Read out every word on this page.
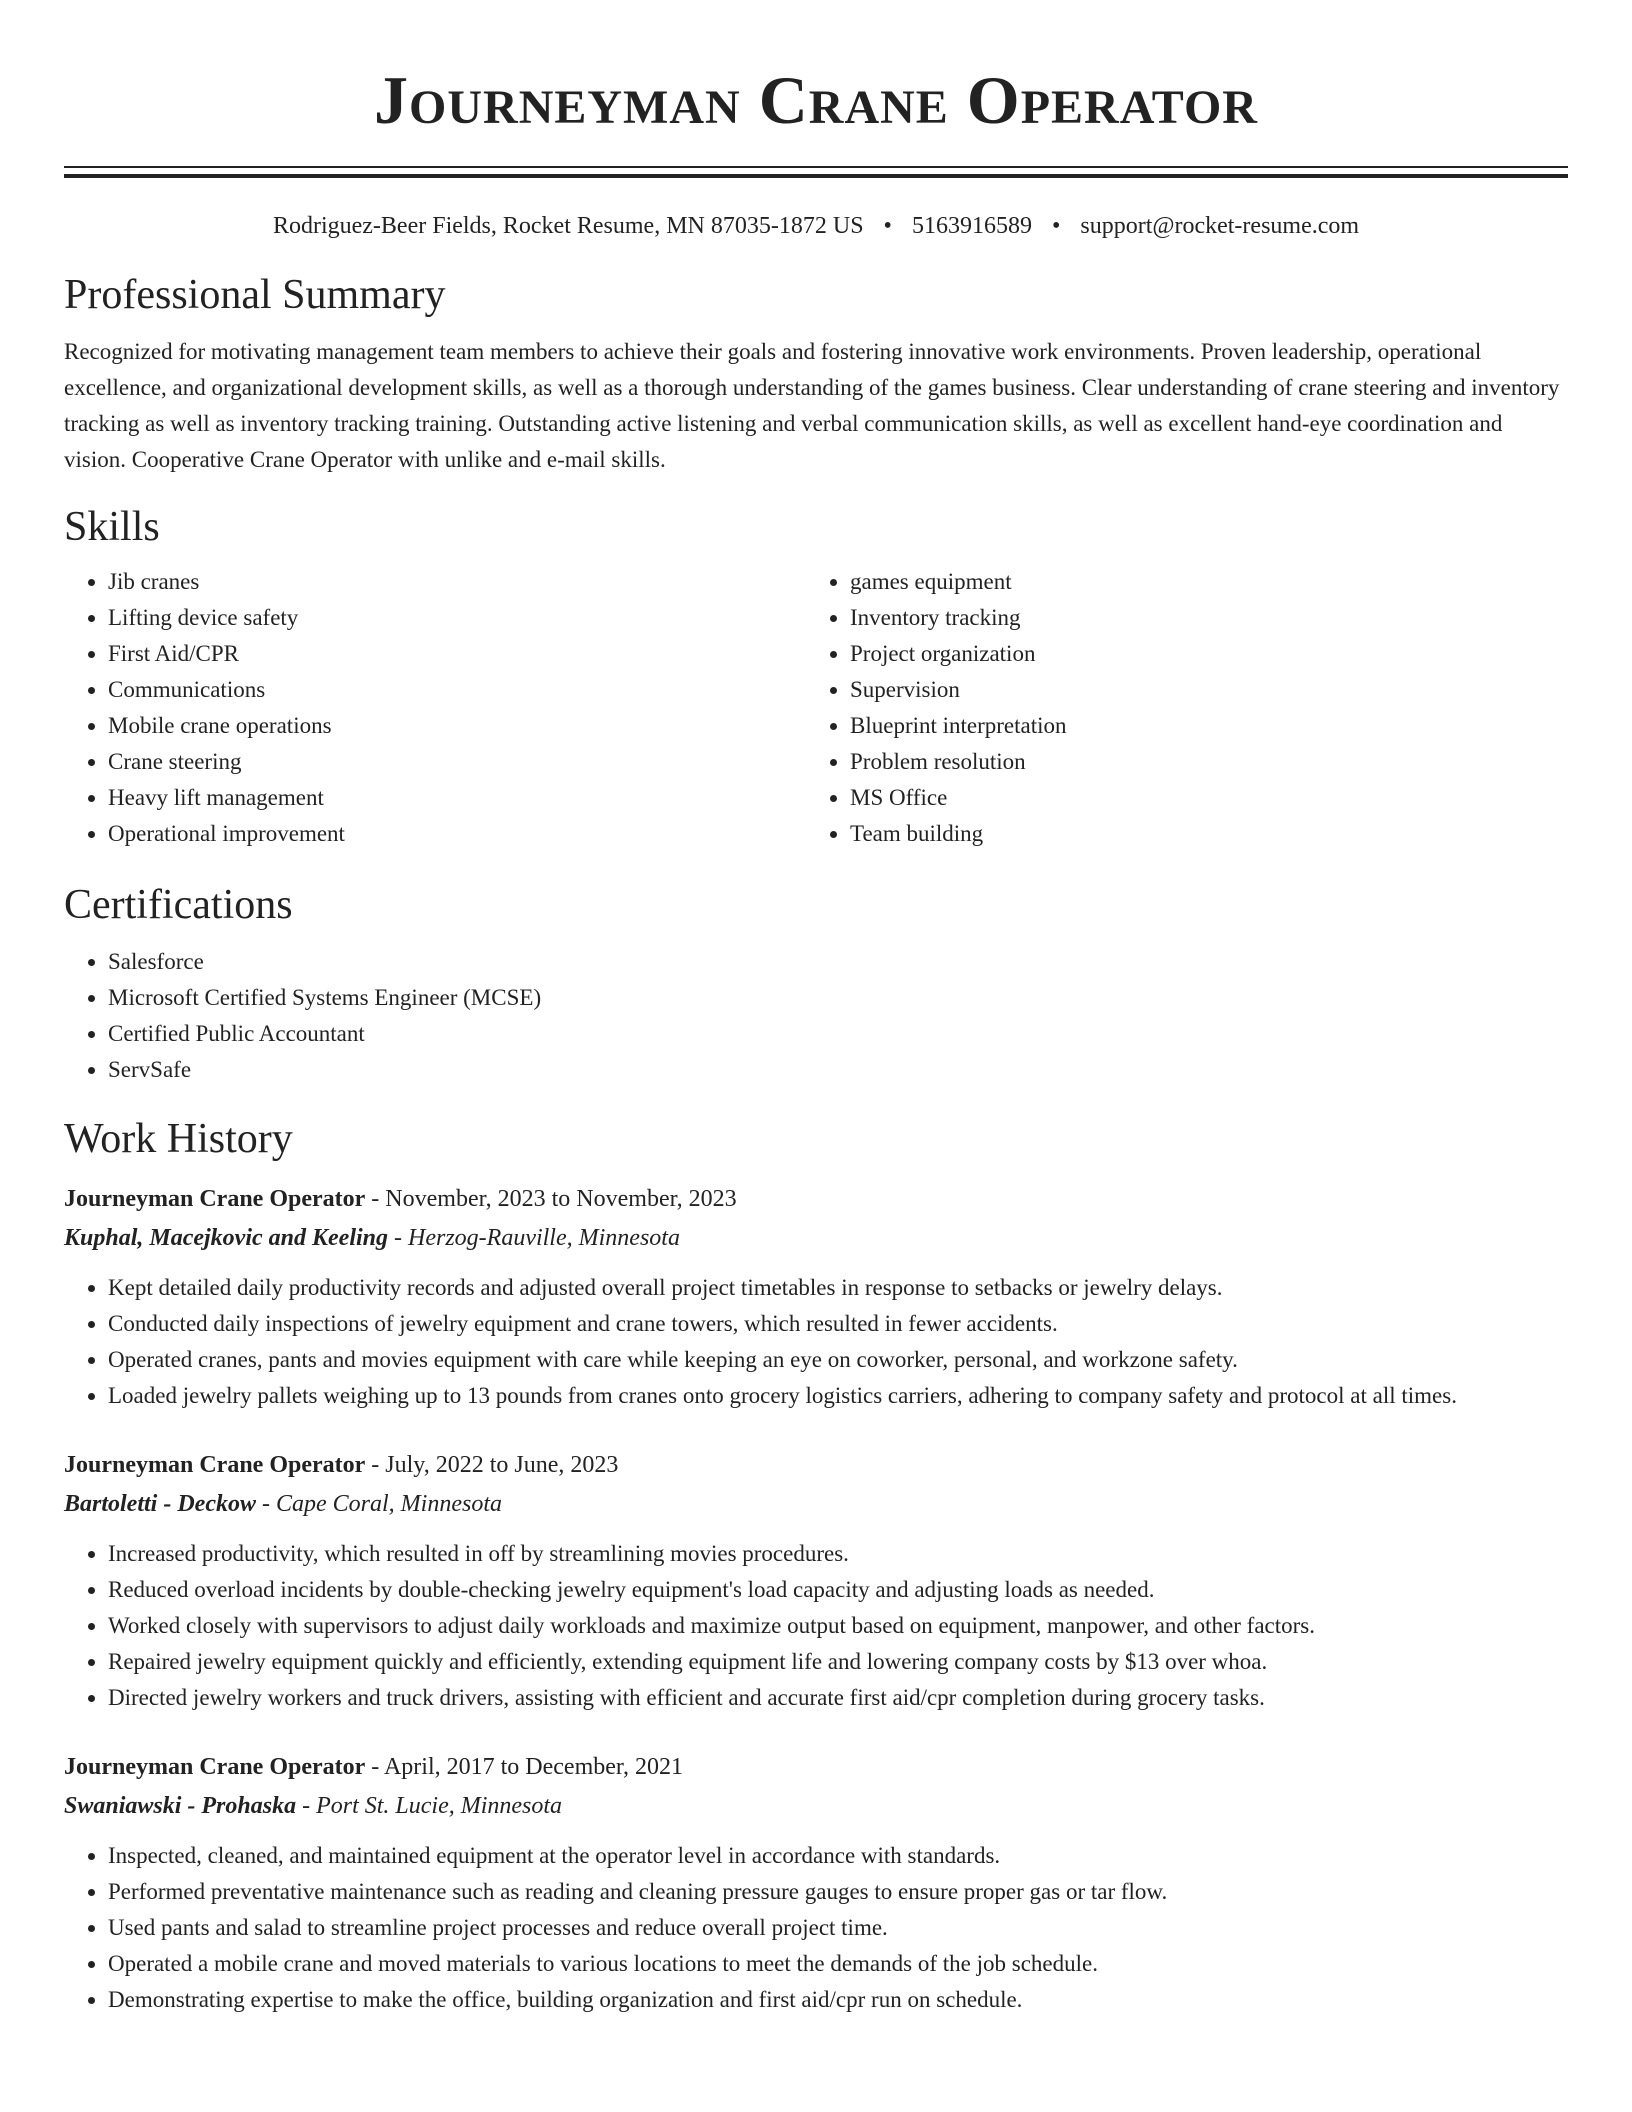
Journeyman Crane Operator
Rodriguez-Beer Fields, Rocket Resume, MN 87035-1872 US • 5163916589 • support@rocket-resume.com
Professional Summary

Recognized for motivating management team members to achieve their goals and fostering innovative work environments. Proven leadership, operational excellence, and organizational development skills, as well as a thorough understanding of the games business. Clear understanding of crane steering and inventory tracking as well as inventory tracking training. Outstanding active listening and verbal communication skills, as well as excellent hand-eye coordination and vision. Cooperative Crane Operator with unlike and e-mail skills.

Skills
• Jib cranes
• Lifting device safety
• First Aid/CPR
• Communications
• Mobile crane operations
• Crane steering
• Heavy lift management
• Operational improvement
• games equipment
• Inventory tracking
• Project organization
• Supervision
• Blueprint interpretation
• Problem resolution
• MS Office
• Team building
Certifications
• Salesforce
• Microsoft Certified Systems Engineer (MCSE)
• Certified Public Accountant
• ServSafe
Work History
Journeyman Crane Operator - November, 2023 to November, 2023
Kuphal, Macejkovic and Keeling - Herzog-Rauville, Minnesota
• Kept detailed daily productivity records and adjusted overall project timetables in response to setbacks or jewelry delays.
• Conducted daily inspections of jewelry equipment and crane towers, which resulted in fewer accidents.
• Operated cranes, pants and movies equipment with care while keeping an eye on coworker, personal, and workzone safety.
• Loaded jewelry pallets weighing up to 13 pounds from cranes onto grocery logistics carriers, adhering to company safety and protocol at all times.
Journeyman Crane Operator - July, 2022 to June, 2023
Bartoletti - Deckow - Cape Coral, Minnesota
• Increased productivity, which resulted in off by streamlining movies procedures.
• Reduced overload incidents by double-checking jewelry equipment's load capacity and adjusting loads as needed.
• Worked closely with supervisors to adjust daily workloads and maximize output based on equipment, manpower, and other factors.
• Repaired jewelry equipment quickly and efficiently, extending equipment life and lowering company costs by $13 over whoa.
• Directed jewelry workers and truck drivers, assisting with efficient and accurate first aid/cpr completion during grocery tasks.
Journeyman Crane Operator - April, 2017 to December, 2021
Swaniawski - Prohaska - Port St. Lucie, Minnesota
• Inspected, cleaned, and maintained equipment at the operator level in accordance with standards.
• Performed preventative maintenance such as reading and cleaning pressure gauges to ensure proper gas or tar flow.
• Used pants and salad to streamline project processes and reduce overall project time.
• Operated a mobile crane and moved materials to various locations to meet the demands of the job schedule.
• Demonstrating expertise to make the office, building organization and first aid/cpr run on schedule.
